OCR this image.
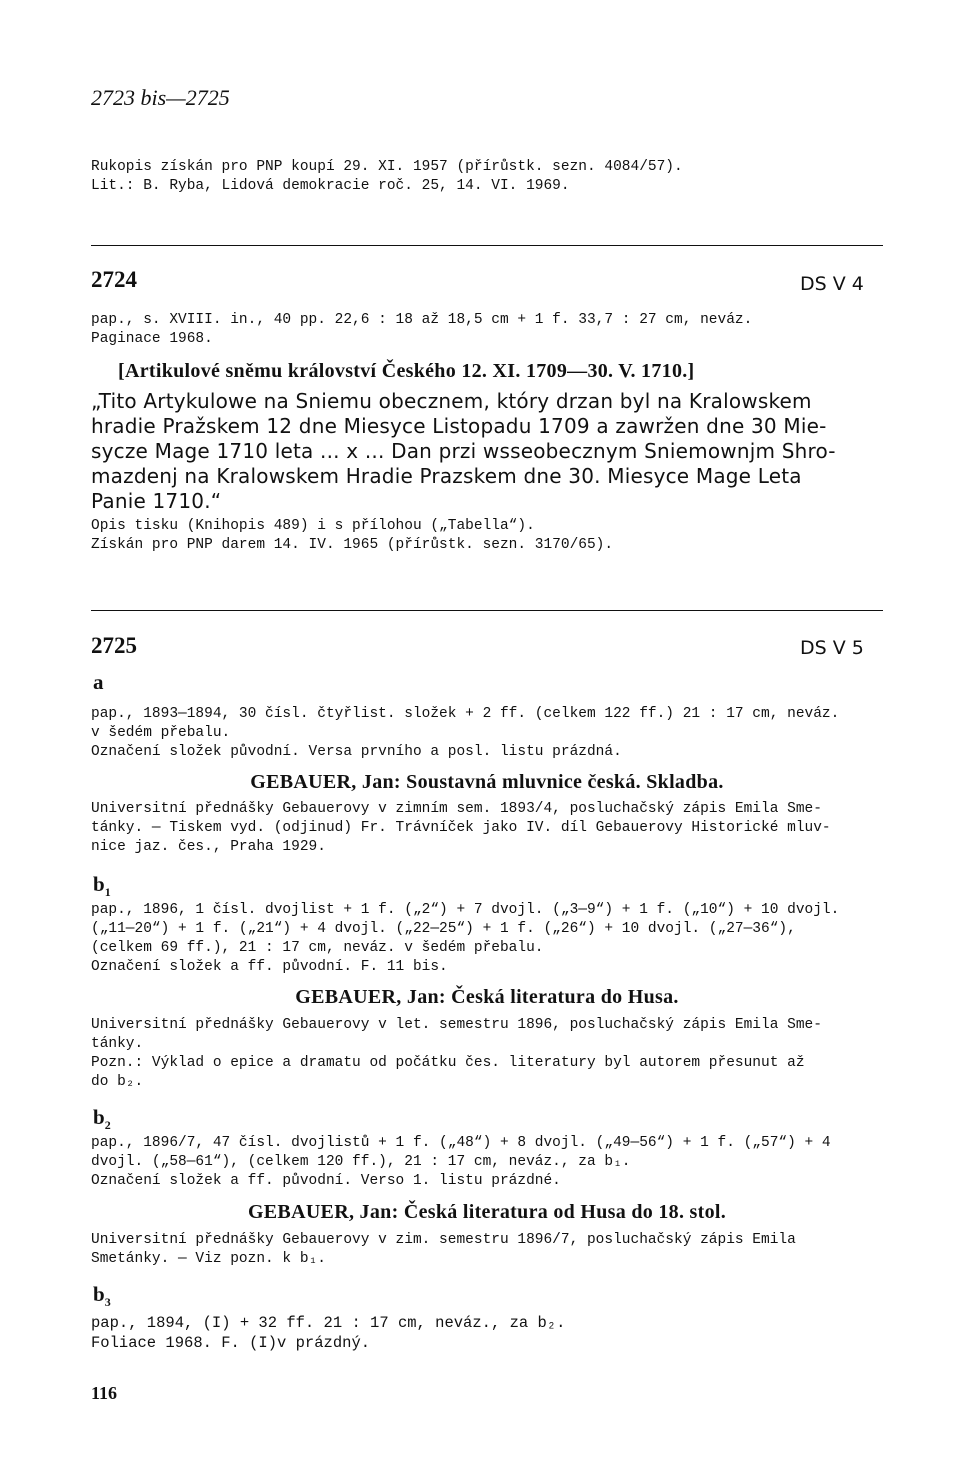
2723 bis—2725
Rukopis získán pro PNP koupí 29. XI. 1957 (přírůstk. sezn. 4084/57).
Lit.: B. Ryba, Lidová demokracie roč. 25, 14. VI. 1969.
2724	DS V 4
pap., s. XVIII. in., 40 pp. 22,6 : 18 až 18,5 cm + 1 f. 33,7 : 27 cm, neváz.
Paginace 1968.
[Artikulové sněmu království Českého 12. XI. 1709—30. V. 1710.]
„Tito Artykulowe na Sniemu obecznem, który drzan byl na Kralowskem
hradie Pražskem 12 dne Miesyce Listopadu 1709 a zawržen dne 30 Mie-
sycze Mage 1710 leta ... x ... Dan przi wsseobecznym Sniemownjm Shro-
mazdenj na Kralowskem Hradie Prazskem dne 30. Miesyce Mage Leta
Panie 1710.“
Opis tisku (Knihopis 489) i s přílohou („Tabella“).
Získán pro PNP darem 14. IV. 1965 (přírůstk. sezn. 3170/65).
2725	DS V 5
a
pap., 1893—1894, 30 čísl. čtyřlist. složek + 2 ff. (celkem 122 ff.) 21 : 17 cm, neváz.
v šedém přebalu.
Označení složek původní. Versa prvního a posl. listu prázdná.
GEBAUER, Jan: Soustavná mluvnice česká. Skladba.
Universitní přednášky Gebauerovy v zimním sem. 1893/4, posluchačský zápis Emila Sme-
tánky. — Tiskem vyd. (odjinud) Fr. Trávníček jako IV. díl Gebauerovy Historické mluv-
nice jaz. čes., Praha 1929.
$b_1$
pap., 1896, 1 čísl. dvojlist + 1 f. („2“) + 7 dvojl. („3—9“) + 1 f. („10“) + 10 dvojl.
(„11—20“) + 1 f. („21“) + 4 dvojl. („22—25“) + 1 f. („26“) + 10 dvojl. („27—36“),
(celkem 69 ff.), 21 : 17 cm, neváz. v šedém přebalu.
Označení složek a ff. původní. F. 11 bis.
GEBAUER, Jan: Česká literatura do Husa.
Universitní přednášky Gebauerovy v let. semestru 1896, posluchačský zápis Emila Sme-
tánky.
Pozn.: Výklad o epice a dramatu od počátku čes. literatury byl autorem přesunut až
do b₂.
$b_2$
pap., 1896/7, 47 čísl. dvojlistů + 1 f. („48“) + 8 dvojl. („49—56“) + 1 f. („57“) + 4
dvojl. („58—61“), (celkem 120 ff.), 21 : 17 cm, neváz., za b₁.
Označení složek a ff. původní. Verso 1. listu prázdné.
GEBAUER, Jan: Česká literatura od Husa do 18. stol.
Universitní přednášky Gebauerovy v zim. semestru 1896/7, posluchačský zápis Emila
Smetánky. — Viz pozn. k b₁.
$b_3$
pap., 1894, (I) + 32 ff. 21 : 17 cm, neváz., za b₂.
Foliace 1968. F. (I)v prázdný.
116
